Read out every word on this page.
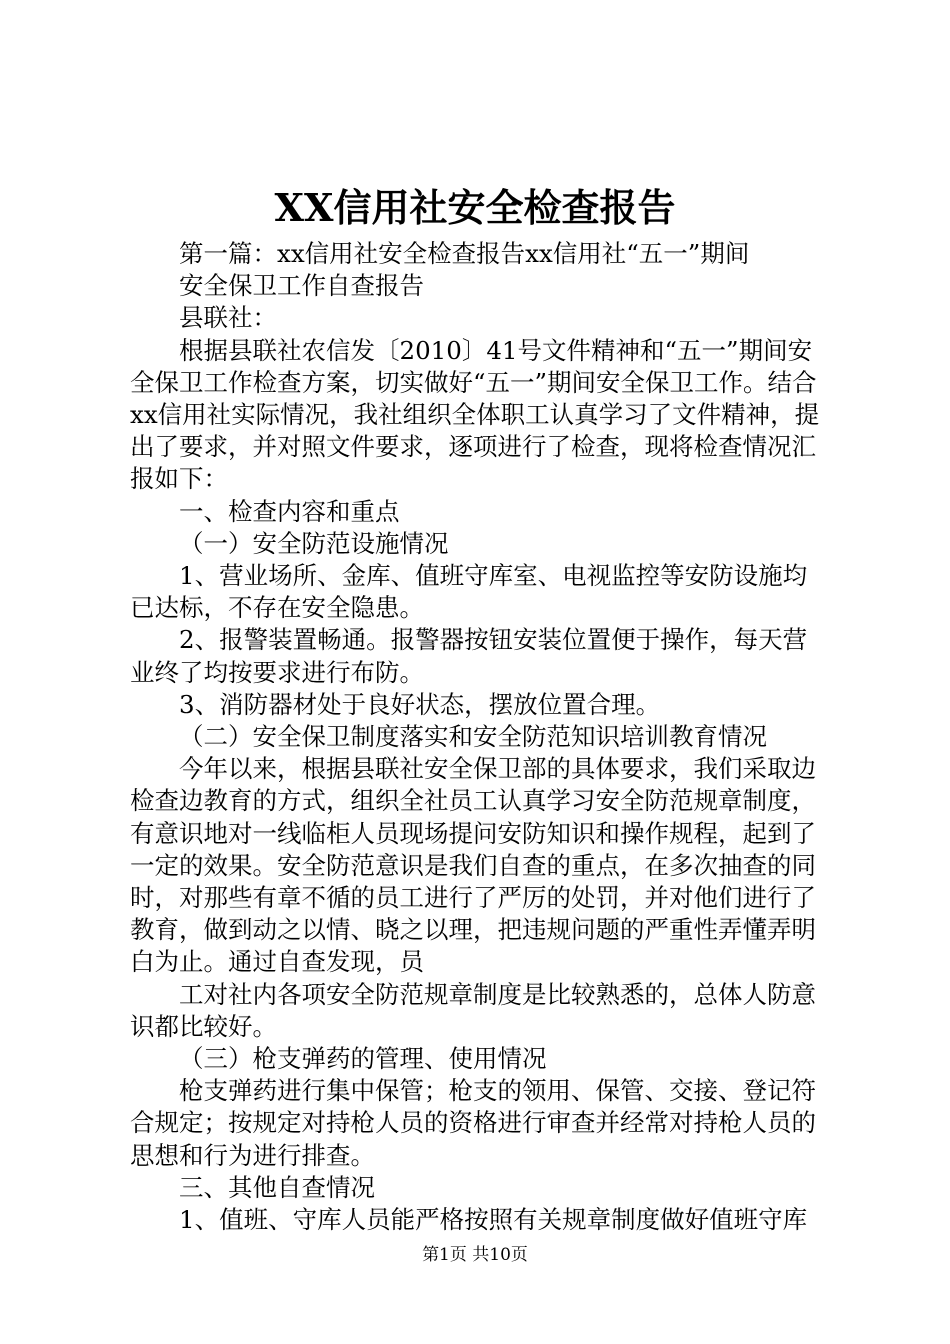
XX信用社安全检查报告

第一篇：xx信用社安全检查报告xx信用社“五一”期间

安全保卫工作自查报告

县联社：

根据县联社农信发〔2010〕41号文件精神和“五一”期间安全保卫工作检查方案，切实做好“五一”期间安全保卫工作。结合xx信用社实际情况，我社组织全体职工认真学习了文件精神，提出了要求，并对照文件要求，逐项进行了检查，现将检查情况汇报如下：

一、检查内容和重点

（一）安全防范设施情况

1、营业场所、金库、值班守库室、电视监控等安防设施均已达标，不存在安全隐患。

2、报警装置畅通。报警器按钮安装位置便于操作，每天营业终了均按要求进行布防。

3、消防器材处于良好状态，摆放位置合理。

（二）安全保卫制度落实和安全防范知识培训教育情况

今年以来，根据县联社安全保卫部的具体要求，我们采取边检查边教育的方式，组织全社员工认真学习安全防范规章制度，有意识地对一线临柜人员现场提问安防知识和操作规程，起到了一定的效果。安全防范意识是我们自查的重点，在多次抽查的同时，对那些有章不循的员工进行了严厉的处罚，并对他们进行了教育，做到动之以情、晓之以理，把违规问题的严重性弄懂弄明白为止。通过自查发现，员

工对社内各项安全防范规章制度是比较熟悉的，总体人防意识都比较好。

（三）枪支弹药的管理、使用情况

枪支弹药进行集中保管；枪支的领用、保管、交接、登记符合规定；按规定对持枪人员的资格进行审查并经常对持枪人员的思想和行为进行排查。

三、其他自查情况

1、值班、守库人员能严格按照有关规章制度做好值班守库

第1页 共10页
